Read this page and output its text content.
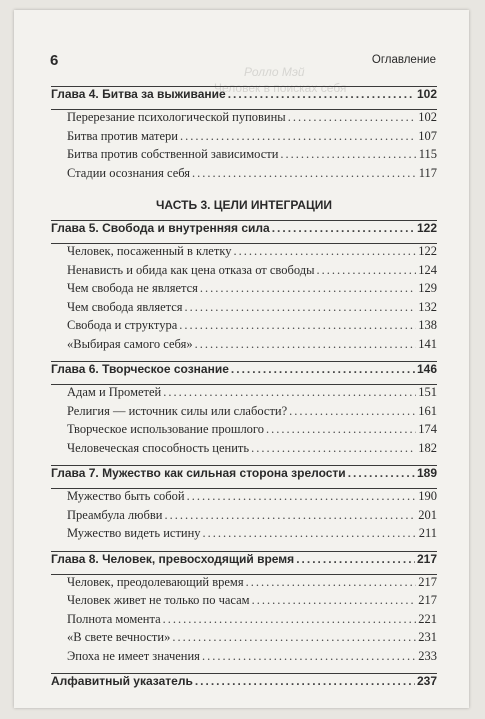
Ролло Мэй
Человек в поисках себя
6	Оглавление
Глава 4. Битва за выживание .....	102
Перерезание психологической пуповины .....	102
Битва против матери .....	107
Битва против собственной зависимости .....	115
Стадии осознания себя .....	117
ЧАСТЬ 3. ЦЕЛИ ИНТЕГРАЦИИ
Глава 5. Свобода и внутренняя сила .....	122
Человек, посаженный в клетку .....	122
Ненависть и обида как цена отказа от свободы .....	124
Чем свобода не является .....	129
Чем свобода является .....	132
Свобода и структура .....	138
«Выбирая самого себя» .....	141
Глава 6. Творческое сознание .....	146
Адам и Прометей .....	151
Религия — источник силы или слабости? .....	161
Творческое использование прошлого .....	174
Человеческая способность ценить .....	182
Глава 7. Мужество как сильная сторона зрелости .....	189
Мужество быть собой .....	190
Преамбула любви .....	201
Мужество видеть истину .....	211
Глава 8. Человек, превосходящий время .....	217
Человек, преодолевающий время .....	217
Человек живет не только по часам .....	217
Полнота момента .....	221
«В свете вечности» .....	231
Эпоха не имеет значения .....	233
Алфавитный указатель .....	237
